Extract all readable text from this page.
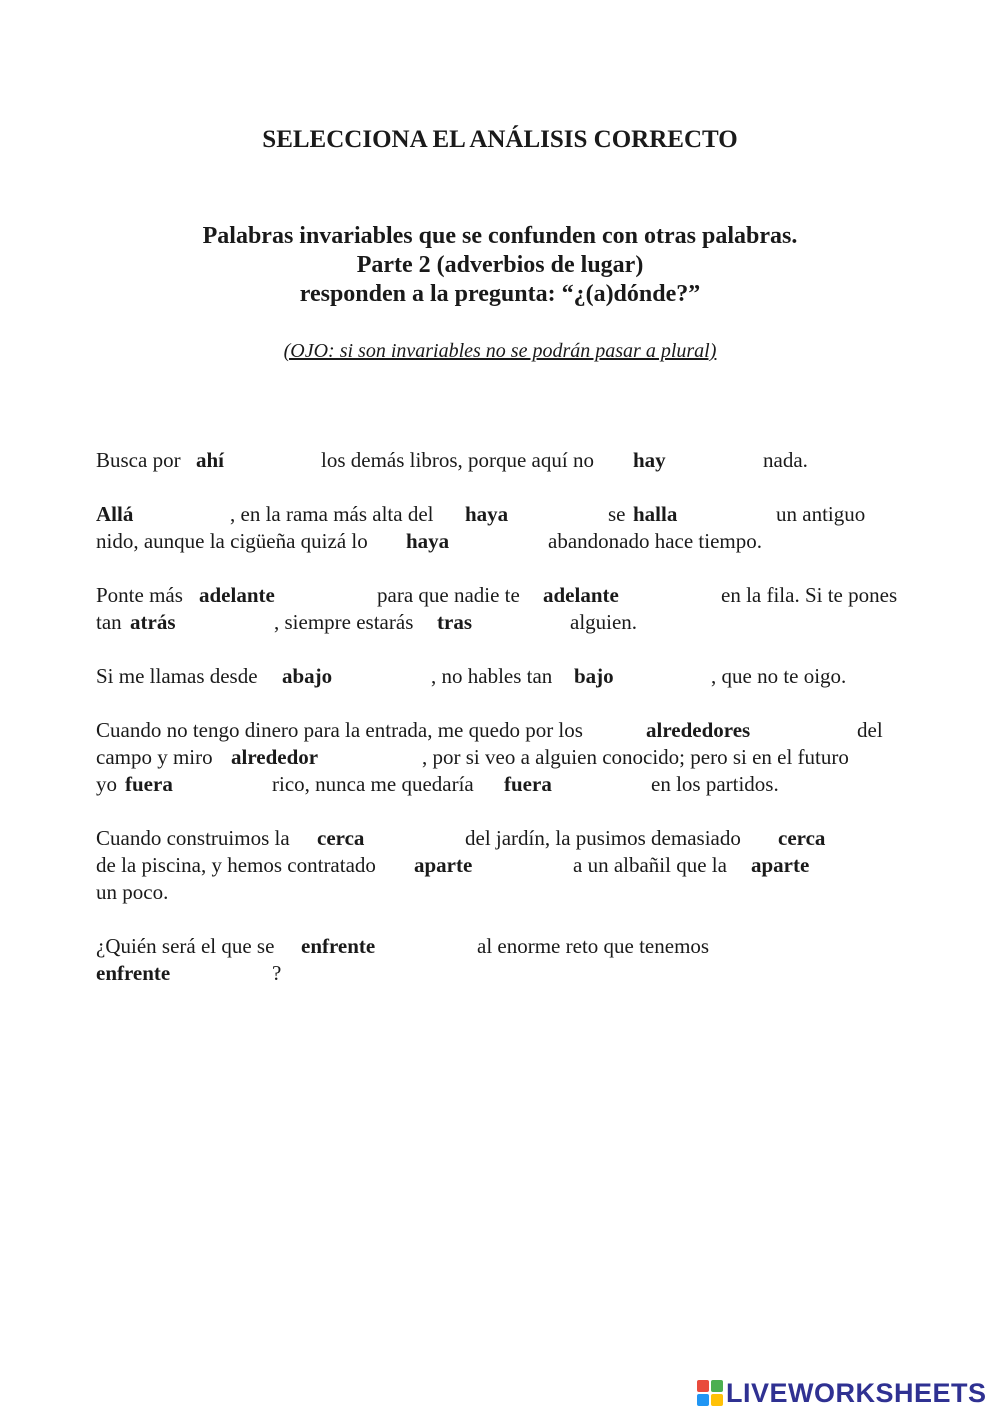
SELECCIONA EL ANÁLISIS CORRECTO
Palabras invariables que se confunden con otras palabras.
Parte 2 (adverbios de lugar)
responden a la pregunta: “¿(a)dónde?”
(OJO: si son invariables no se podrán pasar a plural)
Busca por ahí	los demás libros, porque aquí no hay	nada.
Allá	, en la rama más alta del haya	se halla	un antiguo
nido, aunque la cigüeña quizá lo haya	abandonado hace tiempo.
Ponte más adelante	para que nadie te adelante	en la fila. Si te pones
tan atrás	, siempre estarás tras	alguien.
Si me llamas desde abajo	, no hables tan bajo	, que no te oigo.
Cuando no tengo dinero para la entrada, me quedo por los	alrededores	del
campo y miro alrededor	, por si veo a alguien conocido; pero si en el futuro
yo fuera	rico, nunca me quedaría fuera	en los partidos.
Cuando construimos la cerca	del jardín, la pusimos demasiado cerca
de la piscina, y hemos contratado aparte	a un albañil que la aparte
un poco.
¿Quién será el que se enfrente	al enorme reto que tenemos
enfrente	?
LIVEWORKSHEETS
